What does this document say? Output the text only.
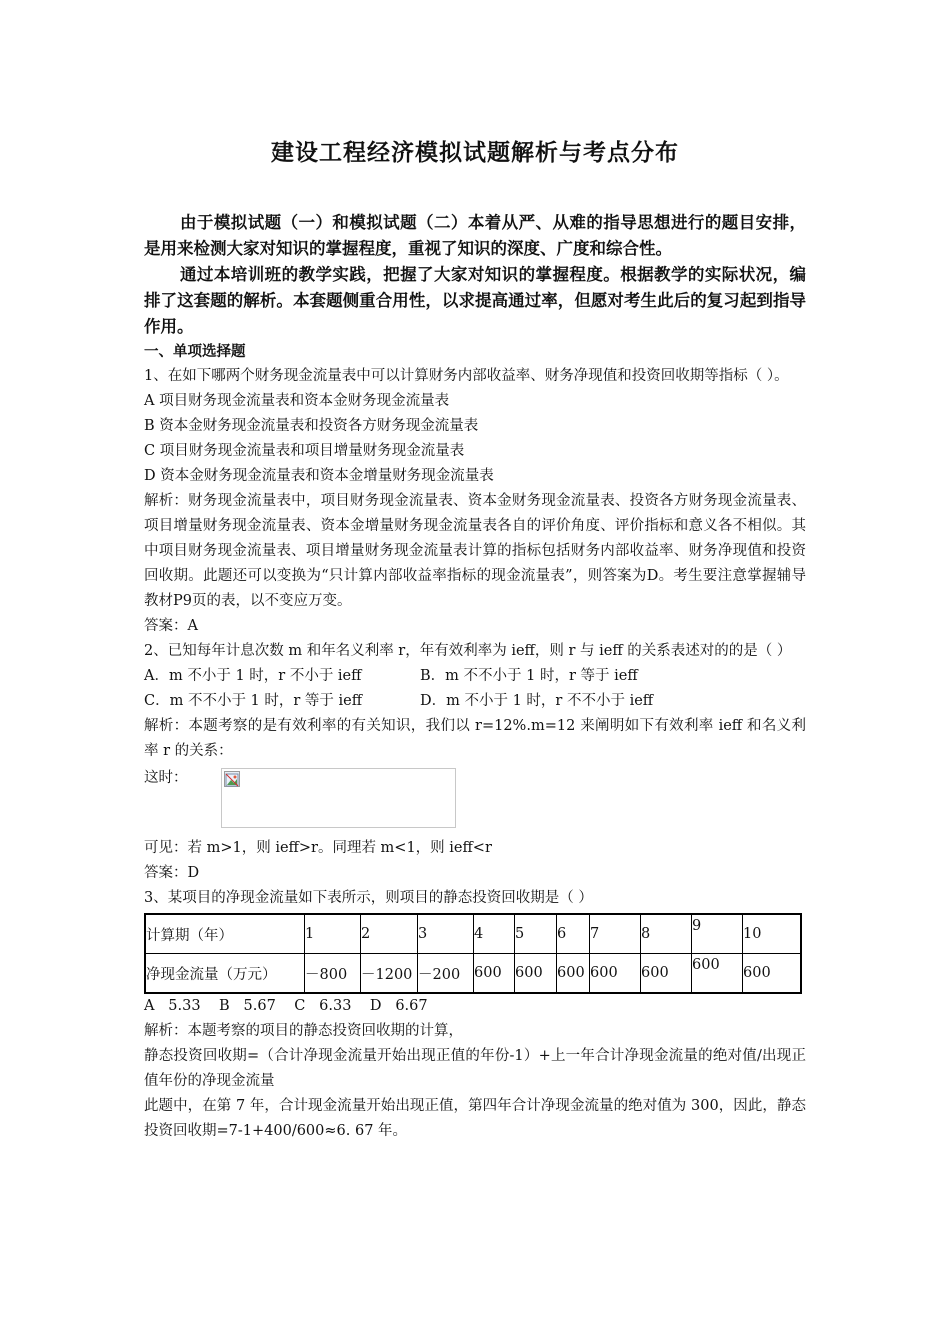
建设工程经济模拟试题解析与考点分布

由于模拟试题（一）和模拟试题（二）本着从严、从难的指导思想进行的题目安排，是用来检测大家对知识的掌握程度，重视了知识的深度、广度和综合性。

通过本培训班的教学实践，把握了大家对知识的掌握程度。根据教学的实际状况，编排了这套题的解析。本套题侧重合用性，以求提高通过率，但愿对考生此后的复习起到指导作用。

一、单项选择题

1、在如下哪两个财务现金流量表中可以计算财务内部收益率、财务净现值和投资回收期等指标（ ）。

A 项目财务现金流量表和资本金财务现金流量表

B 资本金财务现金流量表和投资各方财务现金流量表

C 项目财务现金流量表和项目增量财务现金流量表

D 资本金财务现金流量表和资本金增量财务现金流量表

解析：财务现金流量表中，项目财务现金流量表、资本金财务现金流量表、投资各方财务现金流量表、项目增量财务现金流量表、资本金增量财务现金流量表各自的评价角度、评价指标和意义各不相似。其中项目财务现金流量表、项目增量财务现金流量表计算的指标包括财务内部收益率、财务净现值和投资回收期。此题还可以变换为“只计算内部收益率指标的现金流量表”，则答案为D。考生要注意掌握辅导教材P9页的表，以不变应万变。

答案：A

2、已知每年计息次数 m 和年名义利率 r，年有效利率为 ieff，则 r 与 ieff 的关系表述对的的是（ ）

A．m 不小于 1 时，r 不小于 ieff	B．m 不不小于 1 时，r 等于 ieff
C．m 不不小于 1 时，r 等于 ieff	D．m 不小于 1 时，r 不不小于 ieff

解析：本题考察的是有效利率的有关知识，我们以 r=12%.m=12 来阐明如下有效利率 ieff 和名义利率 r 的关系：

这时：

可见：若 m>1，则 ieff>r。同理若 m<1，则 ieff<r

答案：D

3、某项目的净现金流量如下表所示，则项目的静态投资回收期是（ ）

计算期（年）	1	2	3	4	5	6	7	8	9	10
净现金流量（万元）	－800	－1200	－200	600	600	600	600	600	600	600

A   5.33    B   5.67    C   6.33    D   6.67

解析：本题考察的项目的静态投资回收期的计算，

静态投资回收期=（合计净现金流量开始出现正值的年份-1）+上一年合计净现金流量的绝对值/出现正值年份的净现金流量

此题中，在第 7 年，合计现金流量开始出现正值，第四年合计净现金流量的绝对值为 300，因此，静态投资回收期=7-1+400/600≈6. 67 年。
